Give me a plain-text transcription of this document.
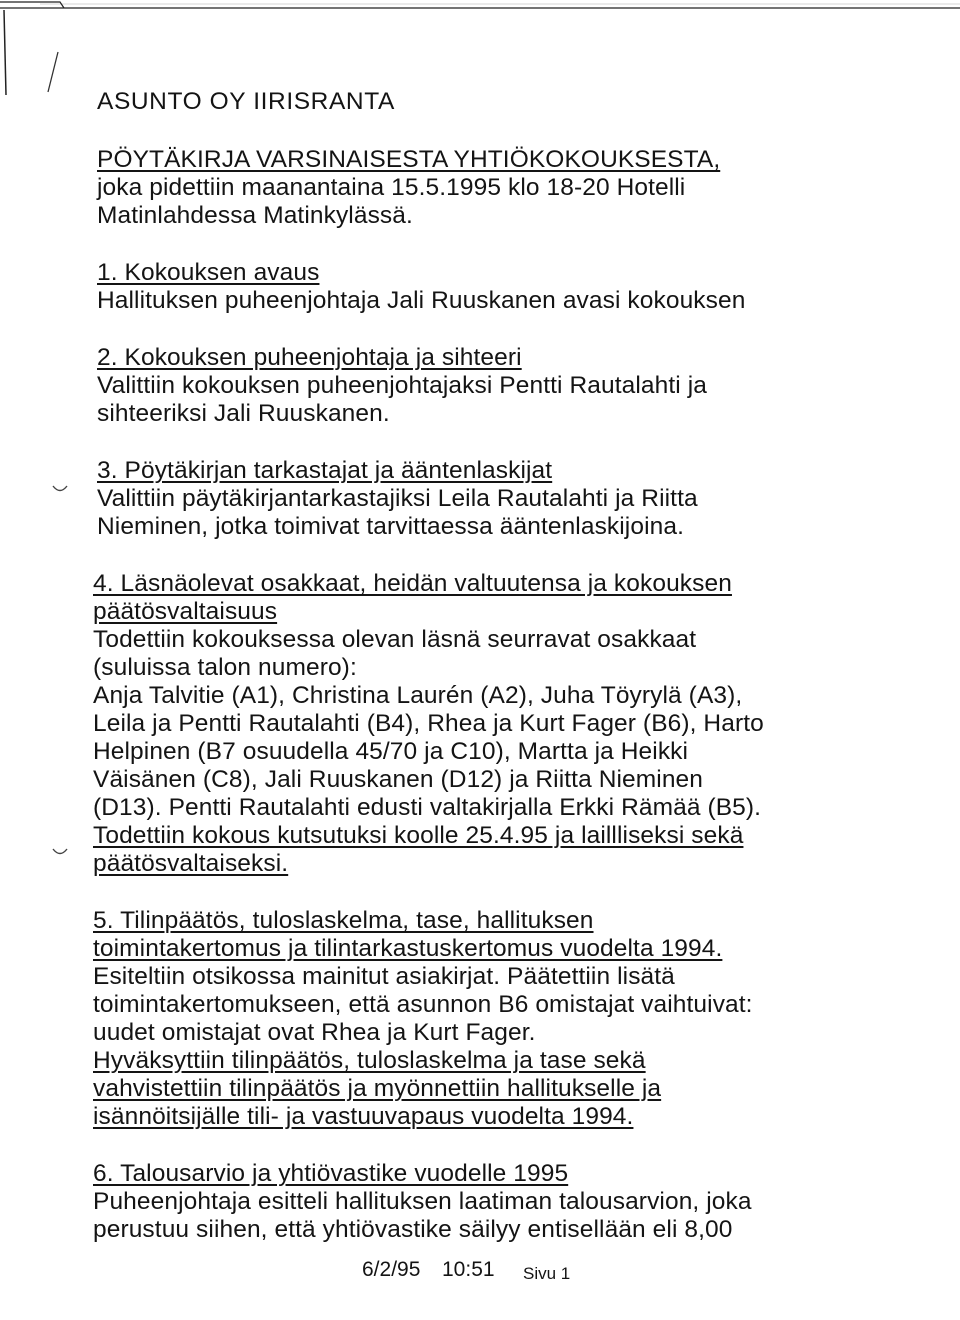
ASUNTO OY IIRISRANTA
PÖYTÄKIRJA VARSINAISESTA YHTIÖKOKOUKSESTA,
joka pidettiin maanantaina 15.5.1995 klo 18-20 Hotelli
Matinlahdessa Matinkylässä.
1. Kokouksen avaus
Hallituksen puheenjohtaja Jali Ruuskanen avasi kokouksen
2. Kokouksen puheenjohtaja ja sihteeri
Valittiin kokouksen puheenjohtajaksi Pentti Rautalahti ja
sihteeriksi Jali Ruuskanen.
3. Pöytäkirjan tarkastajat ja ääntenlaskijat
Valittiin päytäkirjantarkastajiksi Leila Rautalahti ja Riitta
Nieminen, jotka toimivat tarvittaessa ääntenlaskijoina.
4. Läsnäolevat osakkaat, heidän valtuutensa ja kokouksen
päätösvaltaisuus
Todettiin kokouksessa olevan läsnä seurravat osakkaat
(suluissa talon numero):
Anja Talvitie (A1), Christina Laurén (A2), Juha Töyrylä (A3),
Leila ja Pentti Rautalahti (B4), Rhea ja Kurt Fager (B6), Harto
Helpinen (B7 osuudella 45/70 ja C10), Martta ja Heikki
Väisänen (C8), Jali Ruuskanen (D12) ja Riitta Nieminen
(D13). Pentti Rautalahti edusti valtakirjalla Erkki Rämää (B5).
Todettiin kokous kutsutuksi koolle 25.4.95 ja laillliseksi sekä
päätösvaltaiseksi.
5. Tilinpäätös, tuloslaskelma, tase, hallituksen
toimintakertomus ja tilintarkastuskertomus vuodelta 1994.
Esiteltiin otsikossa mainitut asiakirjat. Päätettiin lisätä
toimintakertomukseen, että asunnon B6 omistajat vaihtuivat:
uudet omistajat ovat Rhea ja Kurt Fager.
Hyväksyttiin tilinpäätös, tuloslaskelma ja tase sekä
vahvistettiin tilinpäätös ja myönnettiin hallitukselle ja
isännöitsijälle tili- ja vastuuvapaus vuodelta 1994.
6. Talousarvio ja yhtiövastike vuodelle 1995
Puheenjohtaja esitteli hallituksen laatiman talousarvion, joka
perustuu siihen, että yhtiövastike säilyy entisellään eli 8,00
6/2/95 10:51 Sivu 1
